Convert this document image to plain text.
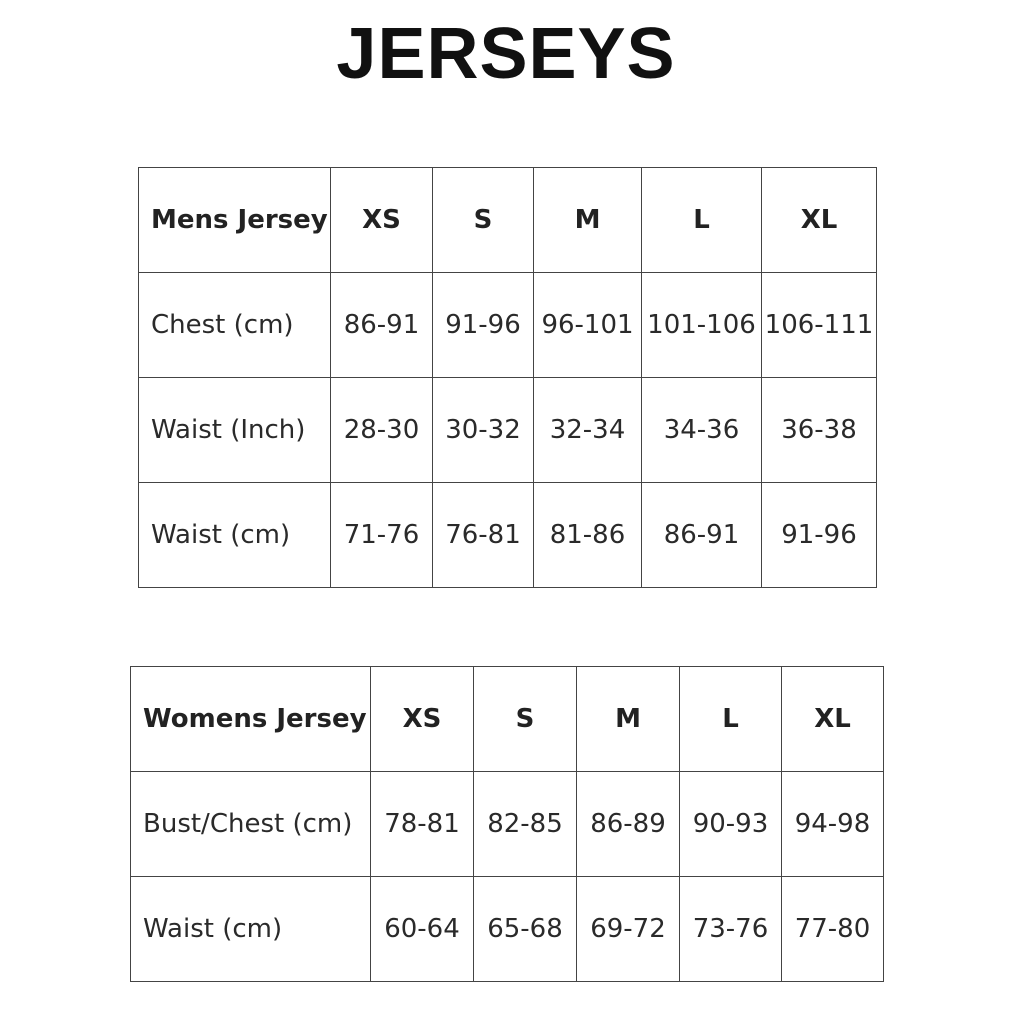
JERSEYS
Mens Jersey	XS	S	M	L	XL
Chest (cm)	86-91	91-96	96-101	101-106	106-111
Waist (Inch)	28-30	30-32	32-34	34-36	36-38
Waist (cm)	71-76	76-81	81-86	86-91	91-96
Womens Jersey	XS	S	M	L	XL
Bust/Chest (cm)	78-81	82-85	86-89	90-93	94-98
Waist (cm)	60-64	65-68	69-72	73-76	77-80
